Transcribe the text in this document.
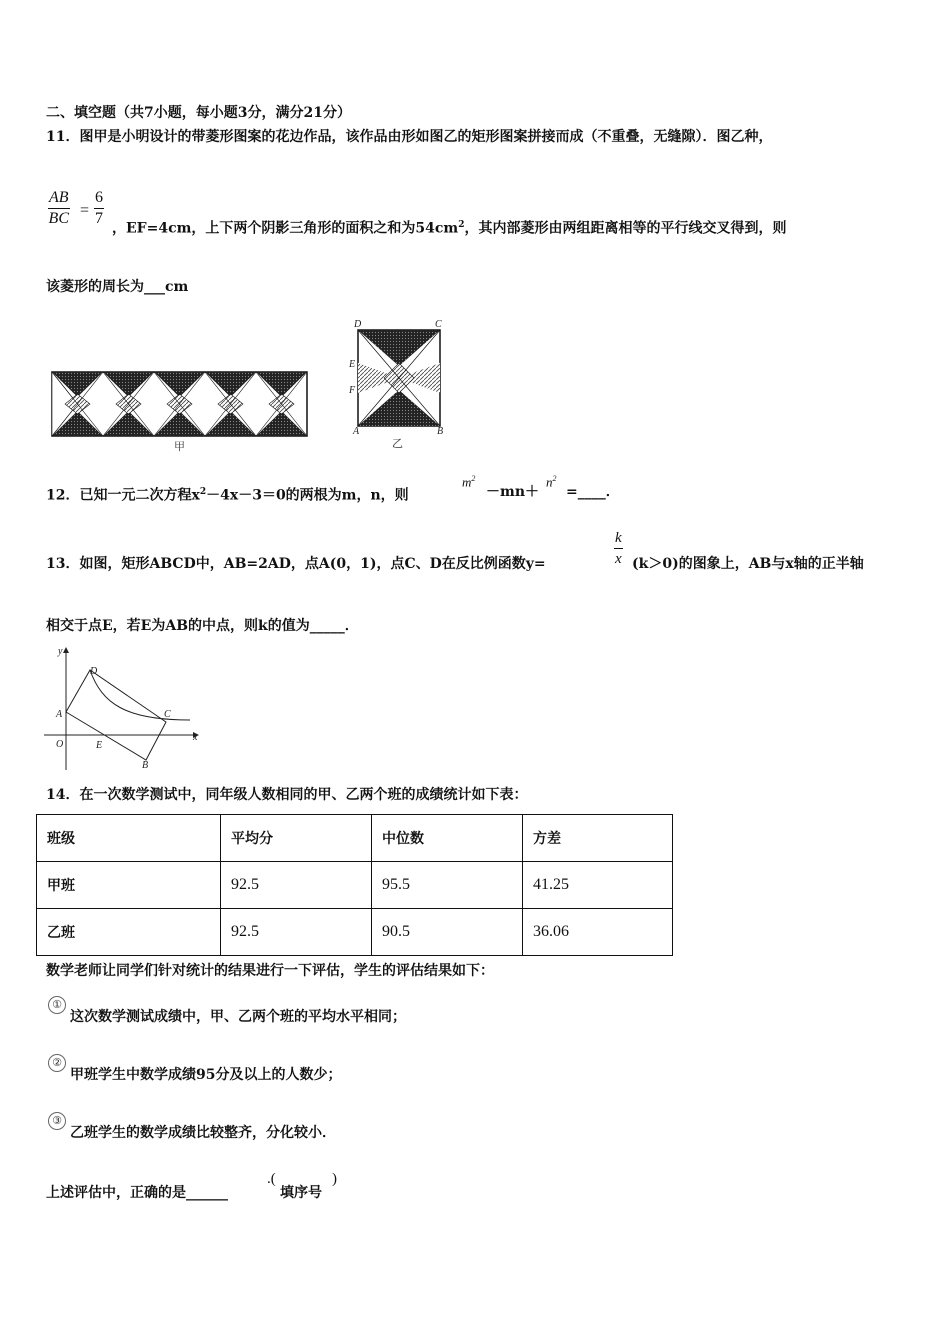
二、填空题（共7小题，每小题3分，满分21分）
11．图甲是小明设计的带菱形图案的花边作品，该作品由形如图乙的矩形图案拼接而成（不重叠，无缝隙）．图乙种，
$\frac{AB}{BC} = \frac{6}{7}$ ，EF=4cm，上下两个阴影三角形的面积之和为$54cm^2$，其内部菱形由两组距离相等的平行线交叉得到，则
该菱形的周长为___cm
甲
D	C
E
F
A	B
乙
12．已知一元二次方程$x^2-4x-3=0$的两根为m，n，则
$m^2$
－mn＋
$n^2$
=____．
13．如图，矩形ABCD中，AB=2AD，点A(0，1)，点C、D在反比例函数y=	$\frac{k}{x} (k>0)$的图象上，AB与x轴的正半轴
相交于点E，若E为AB的中点，则k的值为_____．
y
x
O
A
D
C
E
B
14．在一次数学测试中，同年级人数相同的甲、乙两个班的成绩统计如下表：
班级	平均分	中位数	方差
甲班	92.5	95.5	41.25
乙班	92.5	90.5	36.06
数学老师让同学们针对统计的结果进行一下评估，学生的评估结果如下：
①
这次数学测试成绩中，甲、乙两个班的平均水平相同；
②
甲班学生中数学成绩95分及以上的人数少；
③
乙班学生的数学成绩比较整齐，分化较小．
上述评估中，正确的是______
.(
填序号
)
